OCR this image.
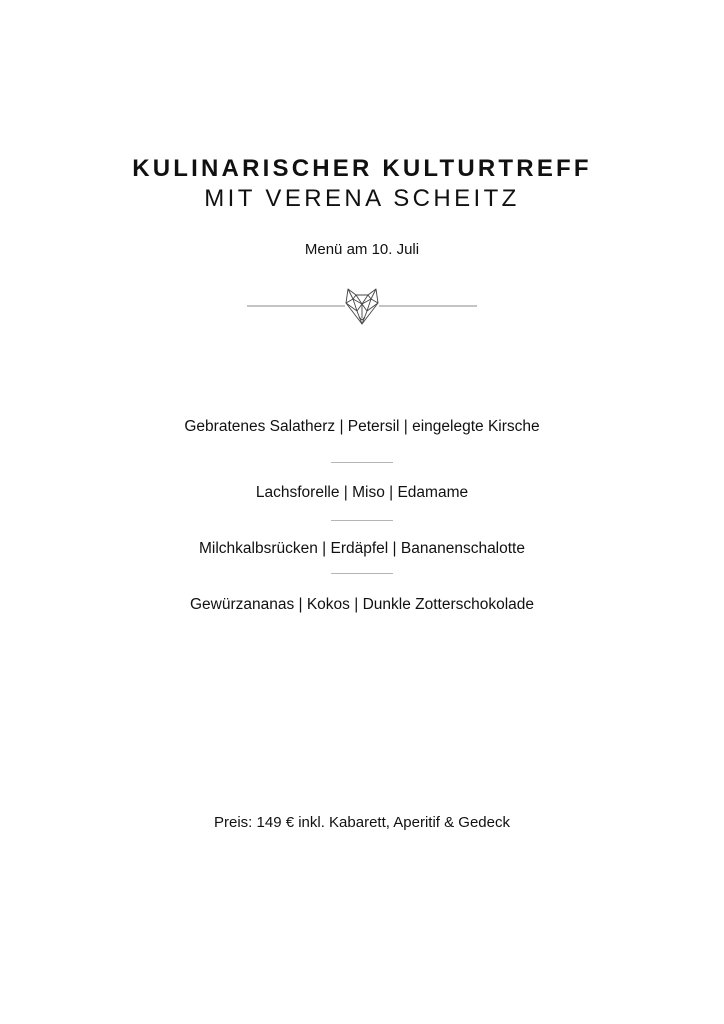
KULINARISCHER KULTURTREFF
MIT VERENA SCHEITZ
Menü am 10. Juli
Gebratenes Salatherz | Petersil | eingelegte Kirsche
Lachsforelle | Miso | Edamame
Milchkalbsrücken | Erdäpfel | Bananenschalotte
Gewürzananas | Kokos | Dunkle Zotterschokolade
Preis: 149 € inkl. Kabarett, Aperitif & Gedeck
